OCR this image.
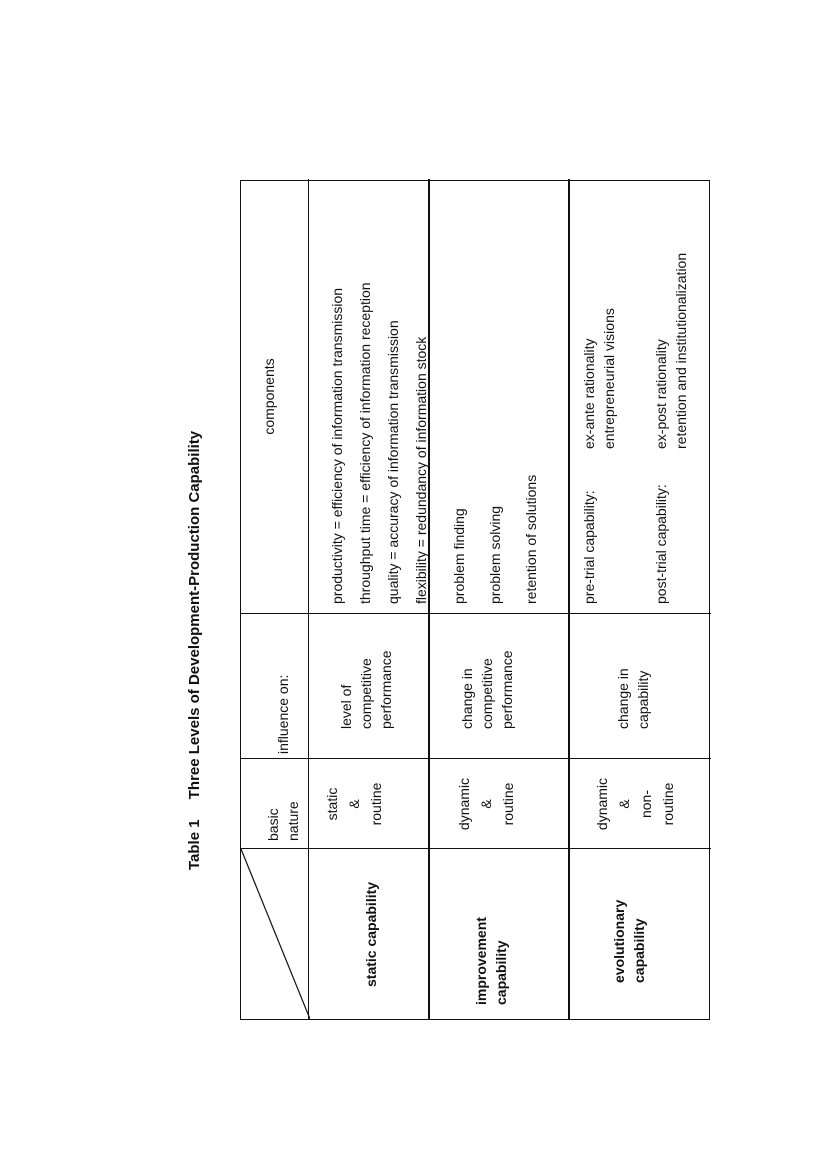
Table 1 Three Levels of Development-Production Capability
basic nature
influence on:
components
static capability
static & routine
level of competitive performance
productivity = efficiency of information transmission throughput time = efficiency of information reception quality = accuracy of information transmission flexibility = redundancy of information stock
improvement capability
dynamic & routine
change in competitive performance
problem finding	problem solving	retention of solutions
evolutionary capability
dynamic & non- routine
change in capability
pre-trial capability:
ex-ante rationality entrepreneurial visions
post-trial capability:
ex-post rationality retention and institutionalization
